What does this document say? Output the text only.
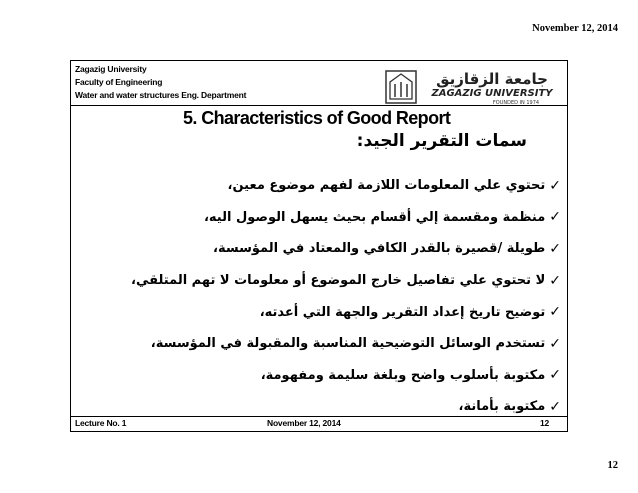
November 12, 2014
Zagazig University
Faculty of Engineering
Water and water structures Eng. Department
جامعة الزقازيق
ZAGAZIG UNIVERSITY
FOUNDED IN 1974
5. Characteristics of Good Report
سمات التقرير الجيد:
✓
تحتوي علي المعلومات اللازمة لفهم موضوع معين،
✓
منظمة ومقسمة إلي أقسام بحيث يسهل الوصول اليه،
✓
طويلة /قصيرة بالقدر الكافي والمعتاد في المؤسسة،
✓
لا تحتوي علي تفاصيل خارج الموضوع أو معلومات لا تهم المتلقي،
✓
توضيح تاريخ إعداد التقرير والجهة التي أعدته،
✓
تستخدم الوسائل التوضيحية المناسبة والمقبولة في المؤسسة،
✓
مكتوبة بأسلوب واضح وبلغة سليمة ومفهومة،
✓
مكتوبة بأمانة،
Lecture No. 1	November 12, 2014	12
12
